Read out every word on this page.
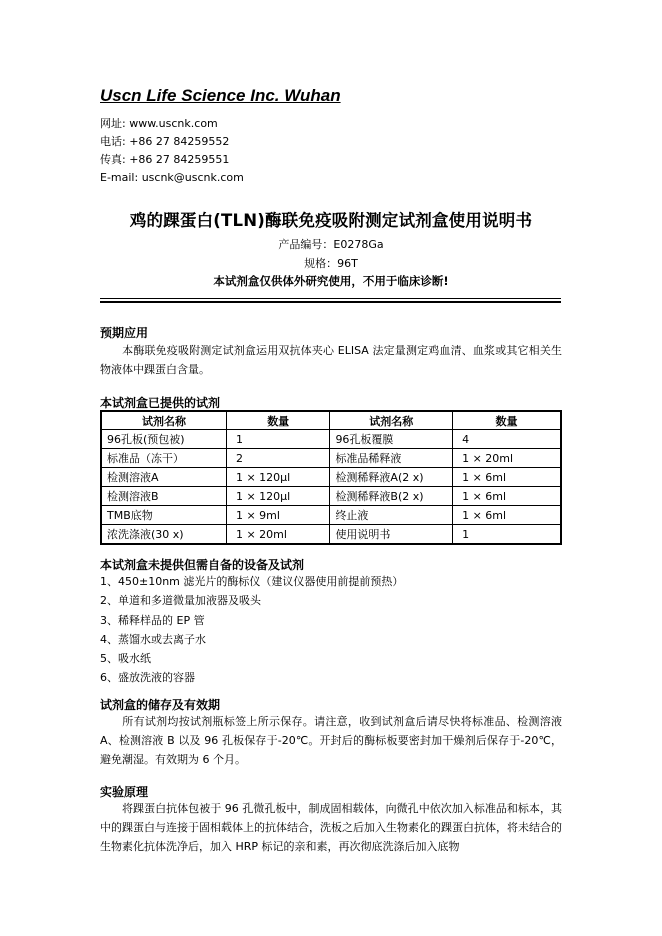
Uscn Life Science Inc. Wuhan
网址: www.uscnk.com
电话: +86 27 84259552
传真: +86 27 84259551
E-mail: uscnk@uscnk.com
鸡的踝蛋白(TLN)酶联免疫吸附测定试剂盒使用说明书
产品编号：E0278Ga
规格：96T
本试剂盒仅供体外研究使用，不用于临床诊断!
预期应用
本酶联免疫吸附测定试剂盒运用双抗体夹心 ELISA 法定量测定鸡血清、血浆或其它相关生物液体中踝蛋白含量。
本试剂盒已提供的试剂
试剂名称	数量	试剂名称	数量
96孔板(预包被)	1	96孔板覆膜	4
标准品（冻干）	2	标准品稀释液	1 × 20ml
检测溶液A	1 × 120μl	检测稀释液A(2 x)	1 × 6ml
检测溶液B	1 × 120μl	检测稀释液B(2 x)	1 × 6ml
TMB底物	1 × 9ml	终止液	1 × 6ml
浓洗涤液(30 x)	1 × 20ml	使用说明书	1
本试剂盒未提供但需自备的设备及试剂
1、450±10nm 滤光片的酶标仪（建议仪器使用前提前预热）
2、单道和多道微量加液器及吸头
3、稀释样品的 EP 管
4、蒸馏水或去离子水
5、吸水纸
6、盛放洗液的容器
试剂盒的储存及有效期
所有试剂均按试剂瓶标签上所示保存。请注意，收到试剂盒后请尽快将标准品、检测溶液 A、检测溶液 B 以及 96 孔板保存于-20℃。开封后的酶标板要密封加干燥剂后保存于-20℃，避免潮湿。有效期为 6 个月。
实验原理
将踝蛋白抗体包被于 96 孔微孔板中，制成固相载体，向微孔中依次加入标准品和标本，其中的踝蛋白与连接于固相载体上的抗体结合，洗板之后加入生物素化的踝蛋白抗体，将未结合的生物素化抗体洗净后，加入 HRP 标记的亲和素，再次彻底洗涤后加入底物
